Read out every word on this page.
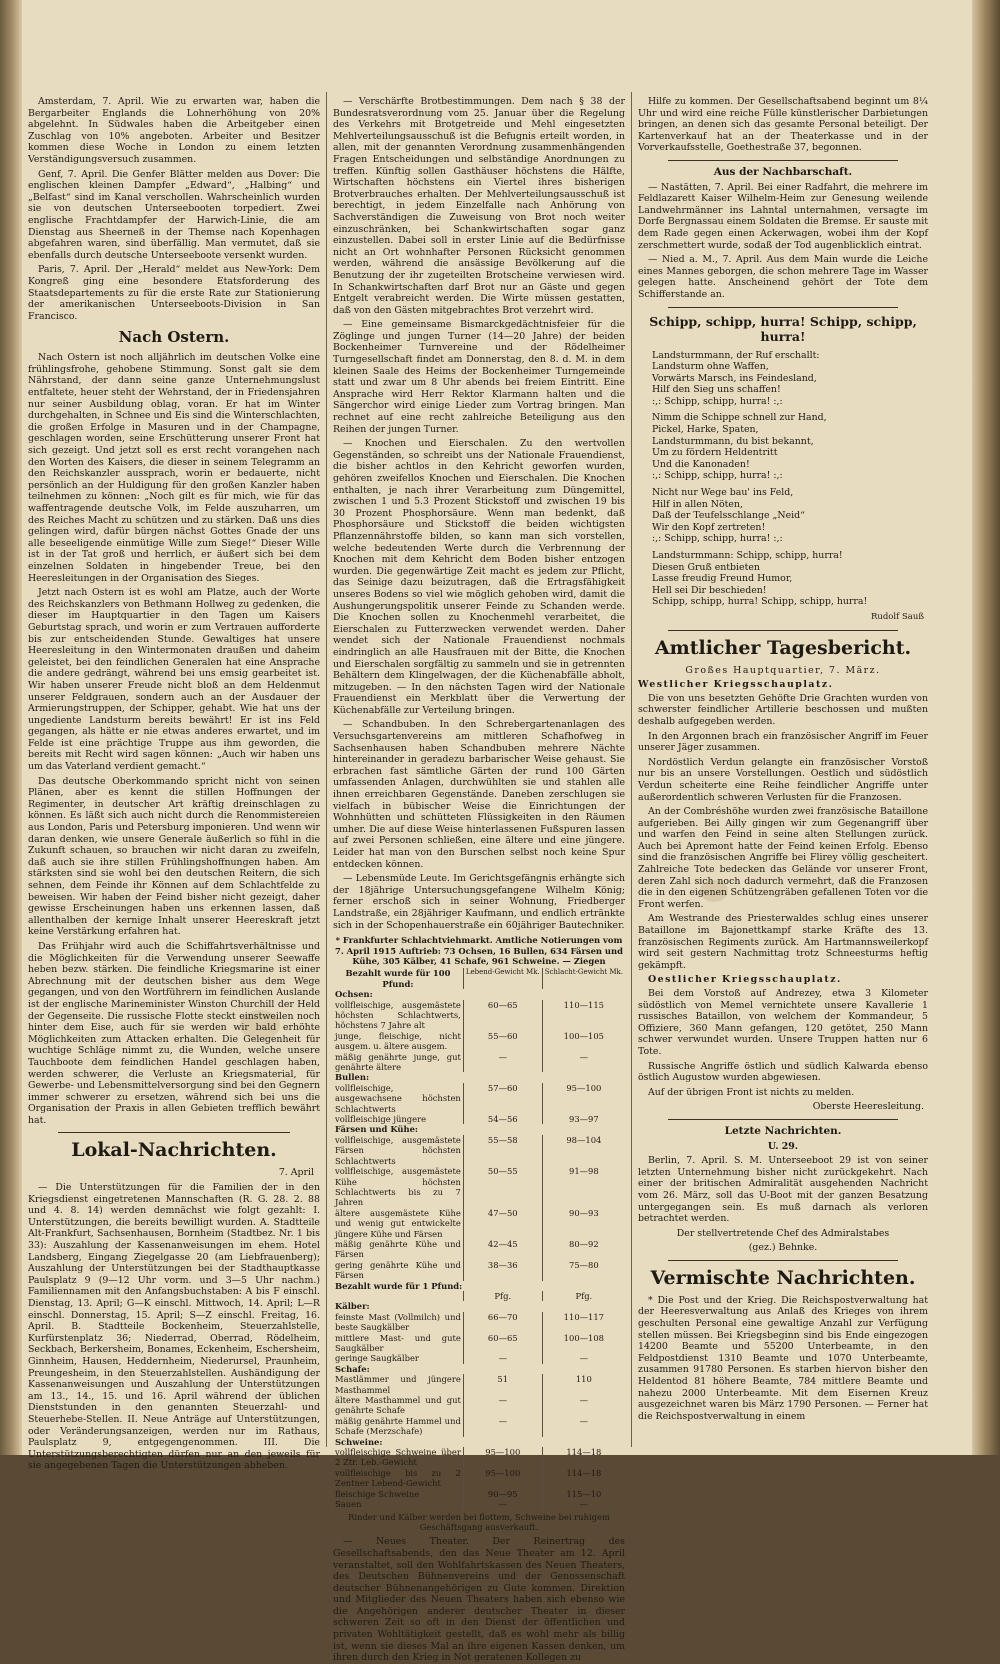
Amsterdam, 7. April. Wie zu erwarten war, haben die Bergarbeiter Englands die Lohnerhöhung von 20% abgelehnt. In Südwales haben die Arbeitgeber einen Zuschlag von 10% angeboten. Arbeiter und Besitzer kommen diese Woche in London zu einem letzten Verständigungsversuch zusammen.

Genf, 7. April. Die Genfer Blätter melden aus Dover: Die englischen kleinen Dampfer „Edward“, „Halbing“ und „Belfast“ sind im Kanal verschollen. Wahrscheinlich wurden sie von deutschen Unterseebooten torpediert. Zwei englische Frachtdampfer der Harwich-Linie, die am Dienstag aus Sheerneß in der Themse nach Kopenhagen abgefahren waren, sind überfällig. Man vermutet, daß sie ebenfalls durch deutsche Unterseeboote versenkt wurden.

Paris, 7. April. Der „Herald“ meldet aus New-York: Dem Kongreß ging eine besondere Etatsforderung des Staatsdepartements zu für die erste Rate zur Stationierung der amerikanischen Unterseeboots-Division in San Francisco.

Nach Ostern.

Nach Ostern ist noch alljährlich im deutschen Volke eine frühlingsfrohe, gehobene Stimmung. Sonst galt sie dem Nährstand, der dann seine ganze Unternehmungslust entfaltete, heuer steht der Wehrstand, der in Friedensjahren nur seiner Ausbildung oblag, voran. Er hat im Winter durchgehalten, in Schnee und Eis sind die Winterschlachten, die großen Erfolge in Masuren und in der Champagne, geschlagen worden, seine Erschütterung unserer Front hat sich gezeigt. Und jetzt soll es erst recht vorangehen nach den Worten des Kaisers, die dieser in seinem Telegramm an den Reichskanzler aussprach, worin er bedauerte, nicht persönlich an der Huldigung für den großen Kanzler haben teilnehmen zu können: „Noch gilt es für mich, wie für das waffentragende deutsche Volk, im Felde auszuharren, um des Reiches Macht zu schützen und zu stärken. Daß uns dies gelingen wird, dafür bürgen nächst Gottes Gnade der uns alle beseeligende einmütige Wille zum Siege!“ Dieser Wille ist in der Tat groß und herrlich, er äußert sich bei dem einzelnen Soldaten in hingebender Treue, bei den Heeresleitungen in der Organisation des Sieges.

Jetzt nach Ostern ist es wohl am Platze, auch der Worte des Reichskanzlers von Bethmann Hollweg zu gedenken, die dieser im Hauptquartier in den Tagen um Kaisers Geburtstag sprach, und worin er zum Vertrauen aufforderte bis zur entscheidenden Stunde. Gewaltiges hat unsere Heeresleitung in den Wintermonaten draußen und daheim geleistet, bei den feindlichen Generalen hat eine Ansprache die andere gedrängt, während bei uns emsig gearbeitet ist. Wir haben unserer Freude nicht bloß an dem Heldenmut unserer Feldgrauen, sondern auch an der Ausdauer der Armierungstruppen, der Schipper, gehabt. Wie hat uns der ungediente Landsturm bereits bewährt! Er ist ins Feld gegangen, als hätte er nie etwas anderes erwartet, und im Felde ist eine prächtige Truppe aus ihm geworden, die bereits mit Recht wird sagen können: „Auch wir haben uns um das Vaterland verdient gemacht.“

Das deutsche Oberkommando spricht nicht von seinen Plänen, aber es kennt die stillen Hoffnungen der Regimenter, in deutscher Art kräftig dreinschlagen zu können. Es läßt sich auch nicht durch die Renommistereien aus London, Paris und Petersburg imponieren. Und wenn wir daran denken, wie unsere Generale äußerlich so fühl in die Zukunft schauen, so brauchen wir nicht daran zu zweifeln, daß auch sie ihre stillen Frühlingshoffnungen haben. Am stärksten sind sie wohl bei den deutschen Reitern, die sich sehnen, dem Feinde ihr Können auf dem Schlachtfelde zu beweisen. Wir haben der Feind bisher nicht gezeigt, daher gewisse Erscheinungen haben uns erkennen lassen, daß allenthalben der kernige Inhalt unserer Heereskraft jetzt keine Verstärkung erfahren hat.

Das Frühjahr wird auch die Schiffahrtsverhältnisse und die Möglichkeiten für die Verwendung unserer Seewaffe heben bezw. stärken. Die feindliche Kriegsmarine ist einer Abrechnung mit der deutschen bisher aus dem Wege gegangen, und von den Wortführern im feindlichen Auslande ist der englische Marineminister Winston Churchill der Held der Gegenseite. Die russische Flotte steckt einstweilen noch hinter dem Eise, auch für sie werden wir bald erhöhte Möglichkeiten zum Attacken erhalten. Die Gelegenheit für wuchtige Schläge nimmt zu, die Wunden, welche unsere Tauchboote dem feindlichen Handel geschlagen haben, werden schwerer, die Verluste an Kriegsmaterial, für Gewerbe- und Lebensmittelversorgung sind bei den Gegnern immer schwerer zu ersetzen, während sich bei uns die Organisation der Praxis in allen Gebieten trefflich bewährt hat.

Lokal-Nachrichten.
7. April

— Die Unterstützungen für die Familien der in den Kriegsdienst eingetretenen Mannschaften (R. G. 28. 2. 88 und 4. 8. 14) werden demnächst wie folgt gezahlt: I. Unterstützungen, die bereits bewilligt wurden. A. Stadtteile Alt-Frankfurt, Sachsenhausen, Bornheim (Stadtbez. Nr. 1 bis 33): Auszahlung der Kassenanweisungen im ehem. Hotel Landsberg, Eingang Ziegelgasse 20 (am Liebfrauenberg); Auszahlung der Unterstützungen bei der Stadthauptkasse Paulsplatz 9 (9—12 Uhr vorm. und 3—5 Uhr nachm.) Familiennamen mit den Anfangsbuchstaben: A bis F einschl. Dienstag, 13. April; G—K einschl. Mittwoch, 14. April; L—R einschl. Donnerstag, 15. April; S—Z einschl. Freitag, 16. April. B. Stadtteile Bockenheim, Steuerzahlstelle, Kurfürstenplatz 36; Niederrad, Oberrad, Rödelheim, Seckbach, Berkersheim, Bonames, Eckenheim, Eschersheim, Ginnheim, Hausen, Heddernheim, Niederursel, Praunheim, Preungesheim, in den Steuerzahlstellen. Aushändigung der Kassenanweisungen und Auszahlung der Unterstützungen am 13., 14., 15. und 16. April während der üblichen Dienststunden in den genannten Steuerzahl- und Steuerhebe-Stellen. II. Neue Anträge auf Unterstützungen, oder Veränderungsanzeigen, werden nur im Rathaus, Paulsplatz 9, entgegengenommen. III. Die Unterstützungsberechtigten dürfen nur an den jeweils für sie angegebenen Tagen die Unterstützungen abheben.

— Verschärfte Brotbestimmungen. Dem nach § 38 der Bundesratsverordnung vom 25. Januar über die Regelung des Verkehrs mit Brotgetreide und Mehl eingesetzten Mehlverteilungsausschuß ist die Befugnis erteilt worden, in allen, mit der genannten Verordnung zusammenhängenden Fragen Entscheidungen und selbständige Anordnungen zu treffen. Künftig sollen Gasthäuser höchstens die Hälfte, Wirtschaften höchstens ein Viertel ihres bisherigen Brotverbrauches erhalten. Der Mehlverteilungsausschuß ist berechtigt, in jedem Einzelfalle nach Anhörung von Sachverständigen die Zuweisung von Brot noch weiter einzuschränken, bei Schankwirtschaften sogar ganz einzustellen. Dabei soll in erster Linie auf die Bedürfnisse nicht an Ort wohnhafter Personen Rücksicht genommen werden, während die ansässige Bevölkerung auf die Benutzung der ihr zugeteilten Brotscheine verwiesen wird. In Schankwirtschaften darf Brot nur an Gäste und gegen Entgelt verabreicht werden. Die Wirte müssen gestatten, daß von den Gästen mitgebrachtes Brot verzehrt wird.

— Eine gemeinsame Bismarckgedächtnisfeier für die Zöglinge und jungen Turner (14—20 Jahre) der beiden Bockenheimer Turnvereine und der Rödelheimer Turngesellschaft findet am Donnerstag, den 8. d. M. in dem kleinen Saale des Heims der Bockenheimer Turngemeinde statt und zwar um 8 Uhr abends bei freiem Eintritt. Eine Ansprache wird Herr Rektor Klarmann halten und die Sängerchor wird einige Lieder zum Vortrag bringen. Man rechnet auf eine recht zahlreiche Beteiligung aus den Reihen der jungen Turner.

— Knochen und Eierschalen. Zu den wertvollen Gegenständen, so schreibt uns der Nationale Frauendienst, die bisher achtlos in den Kehricht geworfen wurden, gehören zweifellos Knochen und Eierschalen. Die Knochen enthalten, je nach ihrer Verarbeitung zum Düngemittel, zwischen 1 und 5.3 Prozent Stickstoff und zwischen 19 bis 30 Prozent Phosphorsäure. Wenn man bedenkt, daß Phosphorsäure und Stickstoff die beiden wichtigsten Pflanzennährstoffe bilden, so kann man sich vorstellen, welche bedeutenden Werte durch die Verbrennung der Knochen mit dem Kehricht dem Boden bisher entzogen wurden. Die gegenwärtige Zeit macht es jedem zur Pflicht, das Seinige dazu beizutragen, daß die Ertragsfähigkeit unseres Bodens so viel wie möglich gehoben wird, damit die Aushungerungspolitik unserer Feinde zu Schanden werde. Die Knochen sollen zu Knochenmehl verarbeitet, die Eierschalen zu Futterzwecken verwendet werden. Daher wendet sich der Nationale Frauendienst nochmals eindringlich an alle Hausfrauen mit der Bitte, die Knochen und Eierschalen sorgfältig zu sammeln und sie in getrennten Behältern dem Klingelwagen, der die Küchenabfälle abholt, mitzugeben. — In den nächsten Tagen wird der Nationale Frauendienst ein Merkblatt über die Verwertung der Küchenabfälle zur Verteilung bringen.

— Schandbuben. In den Schrebergartenanlagen des Versuchsgartenvereins am mittleren Schafhofweg in Sachsenhausen haben Schandbuben mehrere Nächte hintereinander in geradezu barbarischer Weise gehaust. Sie erbrachen fast sämtliche Gärten der rund 100 Gärten umfassenden Anlagen, durchwühlten sie und stahlen alle ihnen erreichbaren Gegenstände. Daneben zerschlugen sie vielfach in bübischer Weise die Einrichtungen der Wohnhütten und schütteten Flüssigkeiten in den Räumen umher. Die auf diese Weise hinterlassenen Fußspuren lassen auf zwei Personen schließen, eine ältere und eine jüngere. Leider hat man von den Burschen selbst noch keine Spur entdecken können.

— Lebensmüde Leute. Im Gerichtsgefängnis erhängte sich der 18jährige Untersuchungsgefangene Wilhelm König; ferner erschoß sich in seiner Wohnung, Friedberger Landstraße, ein 28jähriger Kaufmann, und endlich ertränkte sich in der Schopenhauerstraße ein 60jähriger Bautechniker.

* Frankfurter Schlachtviehmarkt. Amtliche Notierungen vom 7. April 1915 Auftrieb: 73 Ochsen, 16 Bullen, 634 Färsen und Kühe, 305 Kälber, 41 Schafe, 961 Schweine. — Ziegen
Bezahlt wurde für 100 Pfund:	Lebend-Gewicht Mk.	Schlacht-Gewicht Mk.
Ochsen:		
vollfleischige, ausgemästete höchsten Schlachtwerts, höchstens 7 Jahre alt	60—65	110—115
junge, fleischige, nicht ausgem. u. ältere ausgem.	55—60	100—105
mäßig genährte junge, gut genährte ältere	—	—
Bullen:		
vollfleischige, ausgewachsene höchsten Schlachtwerts	57—60	95—100
vollfleischige jüngere	54—56	93—97
Färsen und Kühe:		
vollfleischige, ausgemästete Färsen höchsten Schlachtwerts	55—58	98—104
vollfleischige, ausgemästete Kühe höchsten Schlachtwerts bis zu 7 Jahren	50—55	91—98
ältere ausgemästete Kühe und wenig gut entwickelte jüngere Kühe und Färsen	47—50	90—93
mäßig genährte Kühe und Färsen	42—45	80—92
gering genährte Kühe und Färsen	38—36	75—80
Bezahlt wurde für 1 Pfund:		
	Pfg.	Pfg.
Kälber:		
feinste Mast (Vollmilch) und beste Saugkälber	66—70	110—117
mittlere Mast- und gute Saugkälber	60—65	100—108
geringe Saugkälber	—	—
Schafe:		
Mastlämmer und jüngere Masthammel	51	110
ältere Masthammel und gut genährte Schafe	—	—
mäßig genährte Hammel und Schafe (Merzschafe)	—	—
Schweine:		
vollfleischige Schweine über 2 Ztr. Leb.-Gewicht	95—100	114—18
vollfleischige bis zu 2 Zentner Lebend-Gewicht	95—100	114—18
fleischige Schweine	90—95	115—10
Sauen	—	—
Rinder und Kälber werden bei flottem, Schweine bei ruhigem Geschäftsgang ausverkauft.

— Neues Theater. Der Reinertrag des Gesellschaftsabends, den das Neue Theater am 12. April veranstaltet, soll den Wohlfahrtskassen des Neuen Theaters, des Deutschen Bühnenvereins und der Genossenschaft deutscher Bühnenangehörigen zu Gute kommen. Direktion und Mitglieder des Neuen Theaters haben sich ebenso wie die Angehörigen anderer deutscher Theater in dieser schweren Zeit so oft in den Dienst der öffentlichen und privaten Wohltätigkeit gestellt, daß es wohl mehr als billig ist, wenn sie dieses Mal an ihre eigenen Kassen denken, um ihren durch den Krieg in Not geratenen Kollegen zu

Hilfe zu kommen. Der Gesellschaftsabend beginnt um 8¼ Uhr und wird eine reiche Fülle künstlerischer Darbietungen bringen, an denen sich das gesamte Personal beteiligt. Der Kartenverkauf hat an der Theaterkasse und in der Vorverkaufsstelle, Goethestraße 37, begonnen.

Aus der Nachbarschaft.

— Nastätten, 7. April. Bei einer Radfahrt, die mehrere im Feldlazarett Kaiser Wilhelm-Heim zur Genesung weilende Landwehrmänner ins Lahntal unternahmen, versagte im Dorfe Bergnassau einem Soldaten die Bremse. Er sauste mit dem Rade gegen einen Ackerwagen, wobei ihm der Kopf zerschmettert wurde, sodaß der Tod augenblicklich eintrat.

— Nied a. M., 7. April. Aus dem Main wurde die Leiche eines Mannes geborgen, die schon mehrere Tage im Wasser gelegen hatte. Anscheinend gehört der Tote dem Schifferstande an.

Schipp, schipp, hurra! Schipp, schipp, hurra!
Landsturmmann, der Ruf erschallt:
Landsturm ohne Waffen,
Vorwärts Marsch, ins Feindesland,
Hilf den Sieg uns schaffen!
:,: Schipp, schipp, hurra! :,:
Nimm die Schippe schnell zur Hand,
Pickel, Harke, Spaten,
Landsturmmann, du bist bekannt,
Um zu fördern Heldentritt
Und die Kanonaden!
:,: Schipp, schipp, hurra! :,:
Nicht nur Wege bau' ins Feld,
Hilf in allen Nöten,
Daß der Teufelsschlange „Neid“
Wir den Kopf zertreten!
:,: Schipp, schipp, hurra! :,:
Landsturmmann: Schipp, schipp, hurra!
Diesen Gruß entbieten
Lasse freudig Freund Humor,
Hell sei Dir beschieden!
Schipp, schipp, hurra! Schipp, schipp, hurra!
Rudolf Sauß
Amtlicher Tagesbericht.
Großes Hauptquartier, 7. März.
Westlicher Kriegsschauplatz.

Die von uns besetzten Gehöfte Drie Grachten wurden von schwerster feindlicher Artillerie beschossen und mußten deshalb aufgegeben werden.

In den Argonnen brach ein französischer Angriff im Feuer unserer Jäger zusammen.

Nordöstlich Verdun gelangte ein französischer Vorstoß nur bis an unsere Vorstellungen. Oestlich und südöstlich Verdun scheiterte eine Reihe feindlicher Angriffe unter außerordentlich schweren Verlusten für die Franzosen.

An der Combréshöhe wurden zwei französische Bataillone aufgerieben. Bei Ailly gingen wir zum Gegenangriff über und warfen den Feind in seine alten Stellungen zurück. Auch bei Apremont hatte der Feind keinen Erfolg. Ebenso sind die französischen Angriffe bei Flirey völlig gescheitert. Zahlreiche Tote bedecken das Gelände vor unserer Front, deren Zahl sich noch dadurch vermehrt, daß die Franzosen die in den eigenen Schützengräben gefallenen Toten vor die Front werfen.

Am Westrande des Priesterwaldes schlug eines unserer Bataillone im Bajonettkampf starke Kräfte des 13. französischen Regiments zurück. Am Hartmannsweilerkopf wird seit gestern Nachmittag trotz Schneesturms heftig gekämpft.

Oestlicher Kriegsschauplatz.

Bei dem Vorstoß auf Andrezey, etwa 3 Kilometer südöstlich von Memel vernichtete unsere Kavallerie 1 russisches Bataillon, von welchem der Kommandeur, 5 Offiziere, 360 Mann gefangen, 120 getötet, 250 Mann schwer verwundet wurden. Unsere Truppen hatten nur 6 Tote.

Russische Angriffe östlich und südlich Kalwarda ebenso östlich Augustow wurden abgewiesen.

Auf der übrigen Front ist nichts zu melden.

Oberste Heeresleitung.
Letzte Nachrichten.
U. 29.

Berlin, 7. April. S. M. Unterseeboot 29 ist von seiner letzten Unternehmung bisher nicht zurückgekehrt. Nach einer der britischen Admiralität ausgehenden Nachricht vom 26. März, soll das U-Boot mit der ganzen Besatzung untergegangen sein. Es muß darnach als verloren betrachtet werden.

Der stellvertretende Chef des Admiralstabes
(gez.) Behnke.
Vermischte Nachrichten.

* Die Post und der Krieg. Die Reichspostverwaltung hat der Heeresverwaltung aus Anlaß des Krieges von ihrem geschulten Personal eine gewaltige Anzahl zur Verfügung stellen müssen. Bei Kriegsbeginn sind bis Ende eingezogen 14200 Beamte und 55200 Unterbeamte, in den Feldpostdienst 1310 Beamte und 1070 Unterbeamte, zusammen 91780 Personen. Es starben hiervon bisher den Heldentod 81 höhere Beamte, 784 mittlere Beamte und nahezu 2000 Unterbeamte. Mit dem Eisernen Kreuz ausgezeichnet waren bis März 1790 Personen. — Ferner hat die Reichspostverwaltung in einem
